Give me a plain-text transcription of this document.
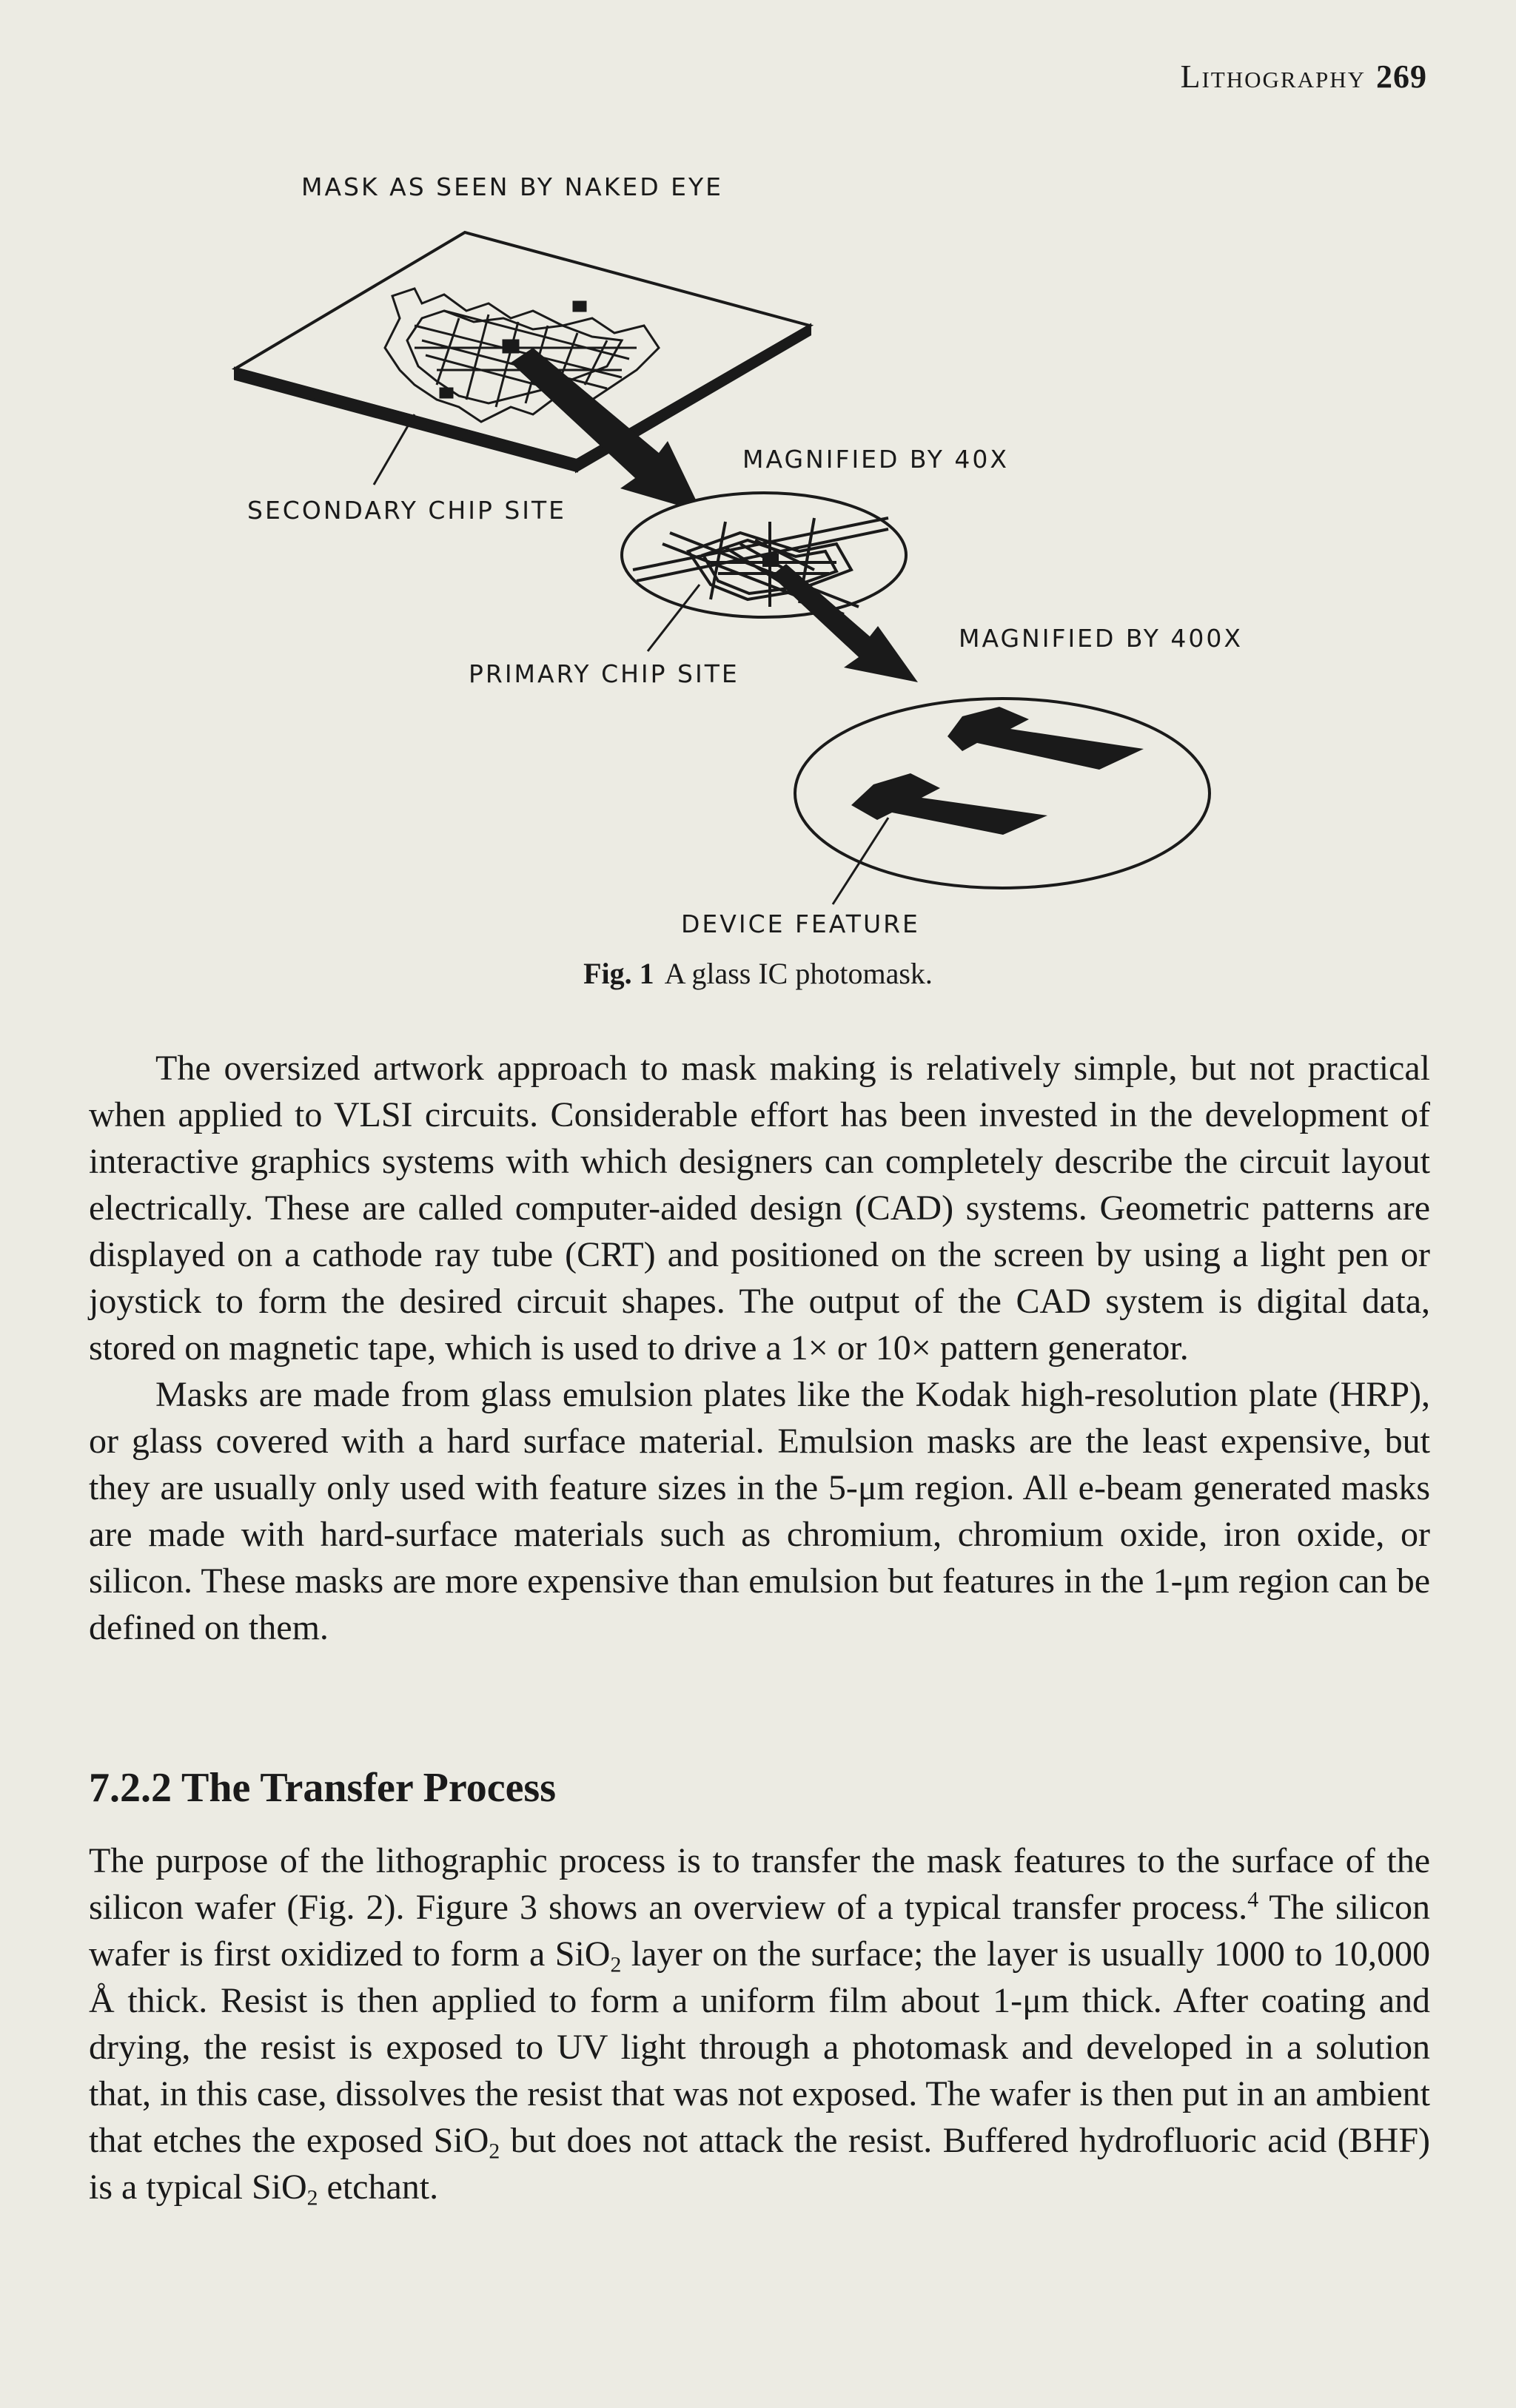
Lithography 269
MASK AS SEEN BY NAKED EYE
MAGNIFIED BY 40X
SECONDARY CHIP SITE
MAGNIFIED BY 400X
PRIMARY CHIP SITE
DEVICE FEATURE
Fig. 1 A glass IC photomask.

The oversized artwork approach to mask making is relatively simple, but not practical when applied to VLSI circuits. Considerable effort has been invested in the development of interactive graphics systems with which designers can completely describe the circuit layout electrically. These are called computer-aided design (CAD) systems. Geometric patterns are displayed on a cathode ray tube (CRT) and positioned on the screen by using a light pen or joystick to form the desired circuit shapes. The output of the CAD system is digital data, stored on magnetic tape, which is used to drive a 1× or 10× pattern generator.

Masks are made from glass emulsion plates like the Kodak high-resolution plate (HRP), or glass covered with a hard surface material. Emulsion masks are the least expensive, but they are usually only used with feature sizes in the 5-μm region. All e-beam generated masks are made with hard-surface materials such as chromium, chromium oxide, iron oxide, or silicon. These masks are more expensive than emulsion but features in the 1-μm region can be defined on them.

7.2.2 The Transfer Process

The purpose of the lithographic process is to transfer the mask features to the surface of the silicon wafer (Fig. 2). Figure 3 shows an overview of a typical transfer process.$^4$ The silicon wafer is first oxidized to form a SiO$_2$ layer on the surface; the layer is usually 1000 to 10,000 Å thick. Resist is then applied to form a uniform film about 1-μm thick. After coating and drying, the resist is exposed to UV light through a photomask and developed in a solution that, in this case, dissolves the resist that was not exposed. The wafer is then put in an ambient that etches the exposed SiO$_2$ but does not attack the resist. Buffered hydrofluoric acid (BHF) is a typical SiO$_2$ etchant.
